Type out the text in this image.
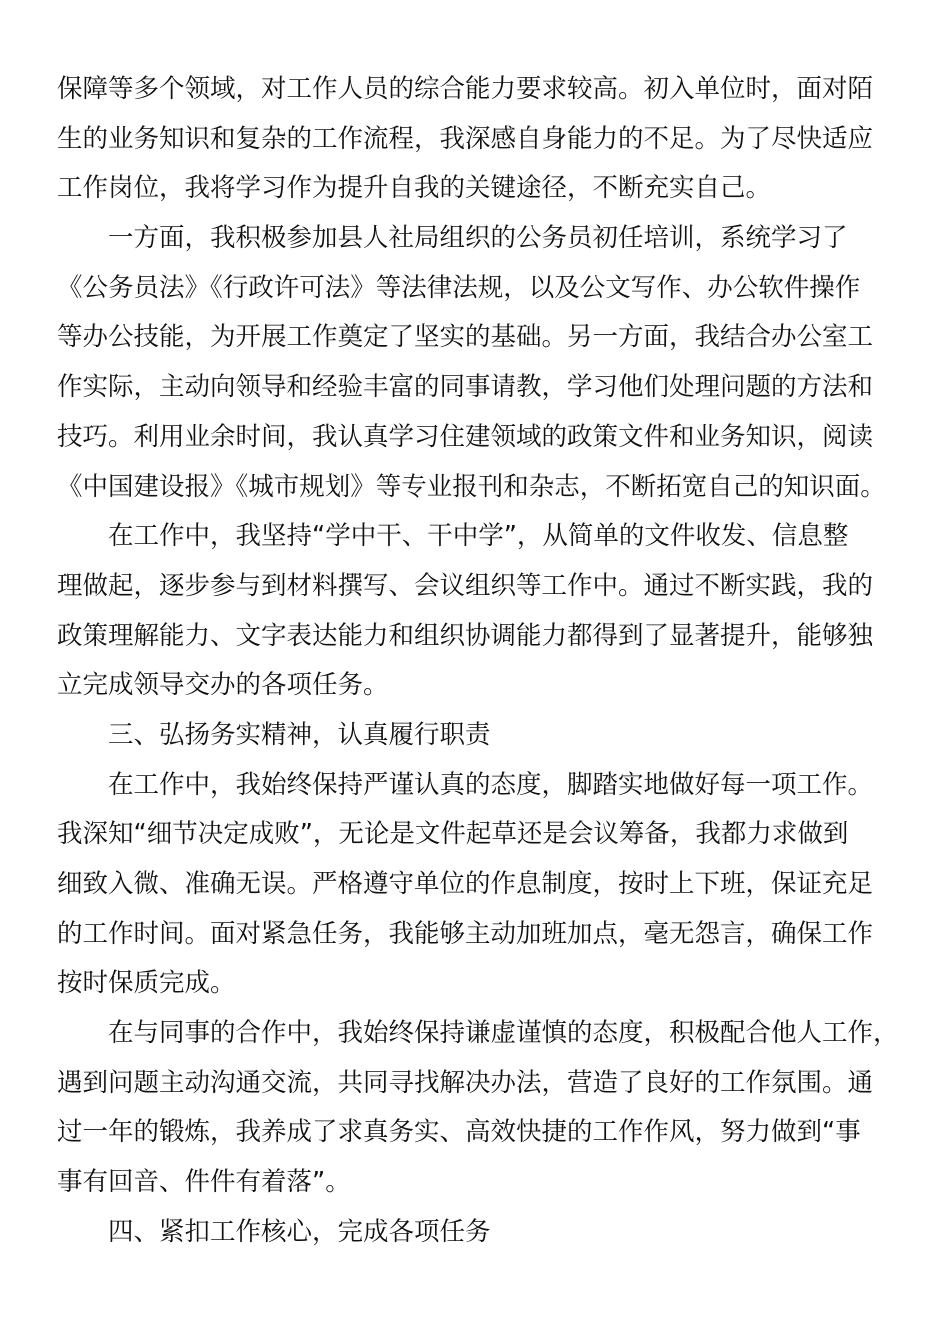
保障等多个领域，对工作人员的综合能力要求较高。初入单位时，面对陌
生的业务知识和复杂的工作流程，我深感自身能力的不足。为了尽快适应
工作岗位，我将学习作为提升自我的关键途径，不断充实自己。
一方面，我积极参加县人社局组织的公务员初任培训，系统学习了
《公务员法》《行政许可法》等法律法规，以及公文写作、办公软件操作
等办公技能，为开展工作奠定了坚实的基础。另一方面，我结合办公室工
作实际，主动向领导和经验丰富的同事请教，学习他们处理问题的方法和
技巧。利用业余时间，我认真学习住建领域的政策文件和业务知识，阅读
《中国建设报》《城市规划》等专业报刊和杂志，不断拓宽自己的知识面。
在工作中，我坚持“学中干、干中学”，从简单的文件收发、信息整
理做起，逐步参与到材料撰写、会议组织等工作中。通过不断实践，我的
政策理解能力、文字表达能力和组织协调能力都得到了显著提升，能够独
立完成领导交办的各项任务。
三、弘扬务实精神，认真履行职责
在工作中，我始终保持严谨认真的态度，脚踏实地做好每一项工作。
我深知“细节决定成败”，无论是文件起草还是会议筹备，我都力求做到
细致入微、准确无误。严格遵守单位的作息制度，按时上下班，保证充足
的工作时间。面对紧急任务，我能够主动加班加点，毫无怨言，确保工作
按时保质完成。
在与同事的合作中，我始终保持谦虚谨慎的态度，积极配合他人工作，
遇到问题主动沟通交流，共同寻找解决办法，营造了良好的工作氛围。通
过一年的锻炼，我养成了求真务实、高效快捷的工作作风，努力做到“事
事有回音、件件有着落”。
四、紧扣工作核心，完成各项任务
